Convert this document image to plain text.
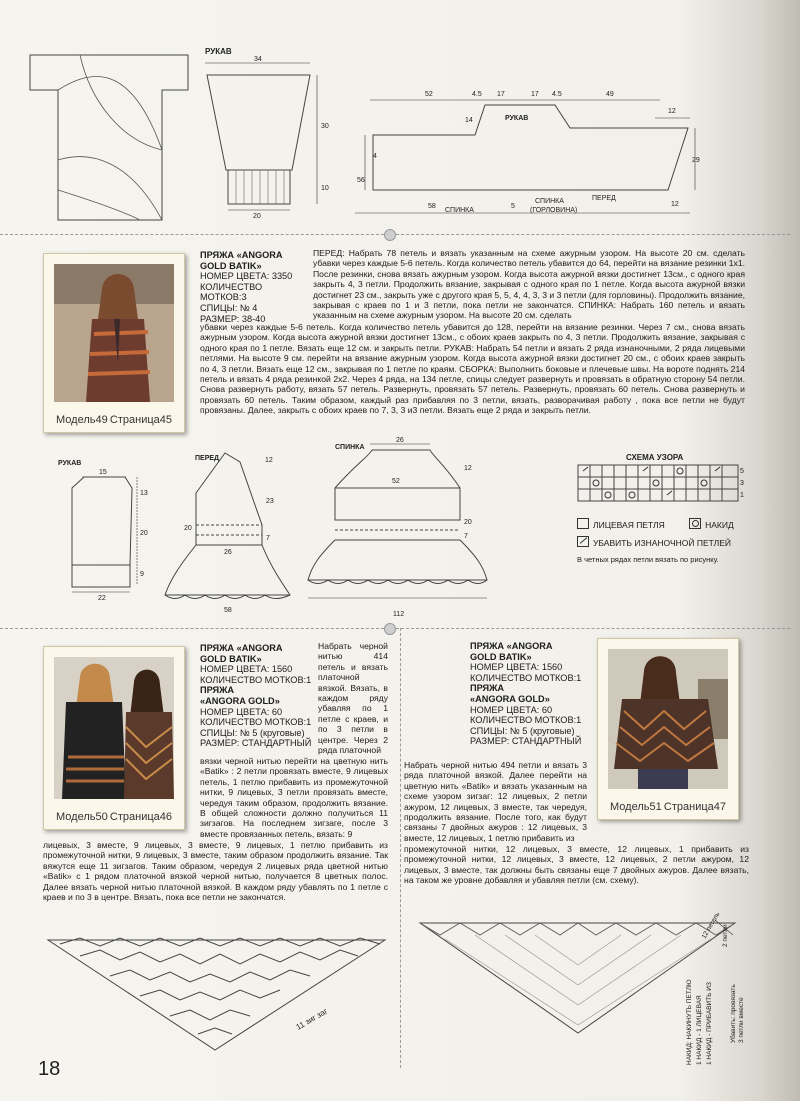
РУКАВ
34
30
10
20
52	4.5 17	17 4.5	49
12
РУКАВ
14
56
4
29
58	5	12
СПИНКА
СПИНКА
(ГОРЛОВИНА)
ПЕРЕД
Модель49 Страница45
ПРЯЖА «ANGORA
GOLD BATIK»
НОМЕР ЦВЕТА: 3350
КОЛИЧЕСТВО МОТКОВ:3
СПИЦЫ: № 4
РАЗМЕР: 38-40
ПЕРЕД: Набрать 78 петель и вязать указанным на схеме ажурным узором. На высоте 20 см. сделать убавки через каждые 5-6 петель. Когда количество петель убавится до 64, перейти на вязание резинки 1х1. После резинки, снова вязать ажурным узором. Когда высота ажурной вязки достигнет 13см., с одного края закрыть 4, 3 петли. Продолжить вязание, закрывая с одного края по 1 петле. Когда высота ажурной вязки достигнет 23 см., закрыть уже с другого края 5, 5, 4, 4, 3, 3 и 3 петли (для горловины). Продолжить вязание, закрывая с краев по 1 и 3 петли, пока петли не закончатся. СПИНКА: Набрать 160 петель и вязать указанным на схеме ажурным узором. На высоте 20 см. сделать
убавки через каждые 5-6 петель. Когда количество петель убавится до 128, перейти на вязание резинки. Через 7 см., снова вязать ажурным узором. Когда высота ажурной вязки достигнет 13см., с обоих краев закрыть по 4, 3 петли. Продолжить вязание, закрывая с одного края по 1 петле. Вязать еще 12 см. и закрыть петли. РУКАВ: Набрать 54 петли и вязать 2 ряда изнаночными, 2 ряда лицевыми петлями. На высоте 9 см. перейти на вязание ажурным узором. Когда высота ажурной вязки достигнет 20 см., с обоих краев закрыть по 4, 3 петли. Вязать еще 12 см., закрывая по 1 петле по краям. СБОРКА: Выполнить боковые и плечевые швы. На вороте поднять 214 петель и вязать 4 ряда резинкой 2х2. Через 4 ряда, на 134 петле, спицы следует развернуть и провязать в обратную сторону 54 петли. Снова развернуть работу, вязать 57 петель. Развернуть, провязать 57 петель. Развернуть, провязать 60 петель. Снова развернуть и провязать 60 петель. Таким образом, каждый раз прибавляя по 3 петли, вязать, разворачивая работу , пока все петли не будут провязаны. Далее, закрыть с обоих краев по 7, 3, 3 и3 петли. Вязать еще 2 ряда и закрыть петли.
РУКАВ
15
13
20
9
22
ПЕРЕД	12
23
20
7
26
58
СПИНКА
26
12
52
20
7
112
СХЕМА УЗОРА
5
3
1
ЛИЦЕВАЯ ПЕТЛЯ	НАКИД
УБАВИТЬ ИЗНАНОЧНОЙ ПЕТЛЕЙ
В четных рядах петли вязать по рисунку.
Модель50 Страница46
ПРЯЖА «ANGORA
GOLD BATIK»
НОМЕР ЦВЕТА: 1560
КОЛИЧЕСТВО МОТКОВ:1
ПРЯЖА
«ANGORA GOLD»
НОМЕР ЦВЕТА: 60
КОЛИЧЕСТВО МОТКОВ:1
СПИЦЫ: № 5 (круговые)
РАЗМЕР: СТАНДАРТНЫЙ
Набрать черной нитью 414 петель и вязать платочной вязкой. Вязать, в каждом ряду убавляя по 1 петле с краев, и по 3 петли в центре. Через 2 ряда платочной
вязки черной нитью перейти на цветную нить «Batik» : 2 петли провязать вместе, 9 лицевых петель, 1 петлю прибавить из промежуточной нитки, 9 лицевых, 3 петли провязать вместе, чередуя таким образом, продолжить вязание. В общей сложности должно получиться 11 зигзагов. На последнем зигзаге, после 3 вместе провязанных петель, вязать: 9
лицевых, 3 вместе, 9 лицевых, 3 вместе, 9 лицевых, 1 петлю прибавить из промежуточной нитки, 9 лицевых, 3 вместе, таким образом продолжить вязание. Так вяжутся еще 11 зигзагов. Таким образом, чередуя 2 лицевых ряда цветной нитью «Batik» с 1 рядом платочной вязкой черной нитью, получается 8 цветных полос. Далее вязать черной нитью платочной вязкой. В каждом ряду убавлять по 1 петле с краев и по 3 в центре. Вязать, пока все петли не закончатся.
11 зиг заг
ПРЯЖА «ANGORA
GOLD BATIK»
НОМЕР ЦВЕТА: 1560
КОЛИЧЕСТВО МОТКОВ:1
ПРЯЖА
«ANGORA GOLD»
НОМЕР ЦВЕТА: 60
КОЛИЧЕСТВО МОТКОВ:1
СПИЦЫ: № 5 (круговые)
РАЗМЕР: СТАНДАРТНЫЙ
Модель51 Страница47
Набрать черной нитью 494 петли и вязать 3 ряда платочной вязкой. Далее перейти на цветную нить «Batik» и вязать указанным на схеме узором зигзаг: 12 лицевых, 2 петли ажуром, 12 лицевых, 3 вместе, так чередуя, продолжить вязание. После того, как будут связаны 7 двойных ажуров : 12 лицевых, 3 вместе, 12 лицевых, 1 петлю прибавить из
промежуточной нитки, 12 лицевых, 3 вместе, 12 лицевых, 1 прибавить из промежуточной нитки, 12 лицевых, 3 вместе, 12 лицевых, 2 петли ажуром, 12 лицевых, 3 вместе, так должны быть связаны еще 7 двойных ажуров. Далее вязать, на таком же уровне добавляя и убавляя петли (см. схему).
12 петель 2 петли
НАКИД: НАКИНУТЬ ПЕТЛЮ 1 НАКИД - 1 ЛИЦЕВАЯ 1 НАКИД - ПРИБАВИТЬ ИЗ	Убавить: провязать 3 петли вместе
18
